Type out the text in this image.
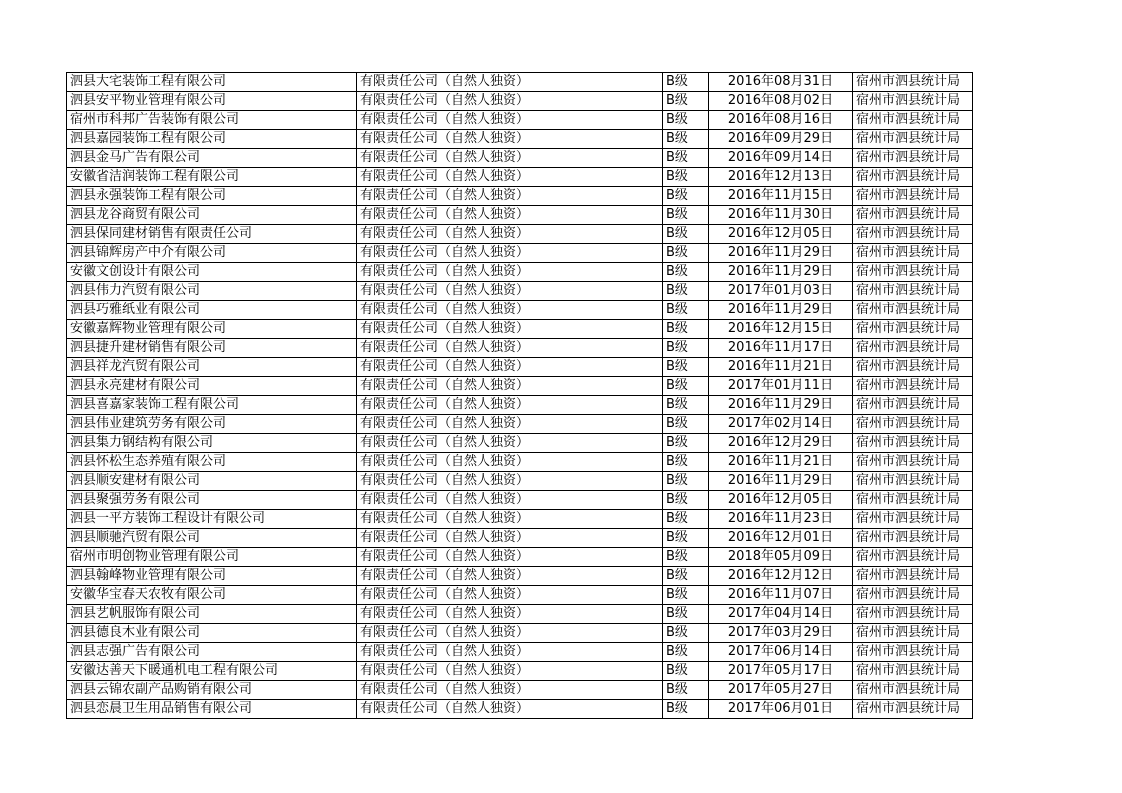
泗县大宅装饰工程有限公司	有限责任公司（自然人独资）	B级	2016年08月31日	宿州市泗县统计局
泗县安平物业管理有限公司	有限责任公司（自然人独资）	B级	2016年08月02日	宿州市泗县统计局
宿州市科邦广告装饰有限公司	有限责任公司（自然人独资）	B级	2016年08月16日	宿州市泗县统计局
泗县嘉园装饰工程有限公司	有限责任公司（自然人独资）	B级	2016年09月29日	宿州市泗县统计局
泗县金马广告有限公司	有限责任公司（自然人独资）	B级	2016年09月14日	宿州市泗县统计局
安徽省洁润装饰工程有限公司	有限责任公司（自然人独资）	B级	2016年12月13日	宿州市泗县统计局
泗县永强装饰工程有限公司	有限责任公司（自然人独资）	B级	2016年11月15日	宿州市泗县统计局
泗县龙谷商贸有限公司	有限责任公司（自然人独资）	B级	2016年11月30日	宿州市泗县统计局
泗县保同建材销售有限责任公司	有限责任公司（自然人独资）	B级	2016年12月05日	宿州市泗县统计局
泗县锦辉房产中介有限公司	有限责任公司（自然人独资）	B级	2016年11月29日	宿州市泗县统计局
安徽文创设计有限公司	有限责任公司（自然人独资）	B级	2016年11月29日	宿州市泗县统计局
泗县伟力汽贸有限公司	有限责任公司（自然人独资）	B级	2017年01月03日	宿州市泗县统计局
泗县巧雅纸业有限公司	有限责任公司（自然人独资）	B级	2016年11月29日	宿州市泗县统计局
安徽嘉辉物业管理有限公司	有限责任公司（自然人独资）	B级	2016年12月15日	宿州市泗县统计局
泗县捷升建材销售有限公司	有限责任公司（自然人独资）	B级	2016年11月17日	宿州市泗县统计局
泗县祥龙汽贸有限公司	有限责任公司（自然人独资）	B级	2016年11月21日	宿州市泗县统计局
泗县永亮建材有限公司	有限责任公司（自然人独资）	B级	2017年01月11日	宿州市泗县统计局
泗县喜嘉家装饰工程有限公司	有限责任公司（自然人独资）	B级	2016年11月29日	宿州市泗县统计局
泗县伟业建筑劳务有限公司	有限责任公司（自然人独资）	B级	2017年02月14日	宿州市泗县统计局
泗县集力钢结构有限公司	有限责任公司（自然人独资）	B级	2016年12月29日	宿州市泗县统计局
泗县怀松生态养殖有限公司	有限责任公司（自然人独资）	B级	2016年11月21日	宿州市泗县统计局
泗县顺安建材有限公司	有限责任公司（自然人独资）	B级	2016年11月29日	宿州市泗县统计局
泗县聚强劳务有限公司	有限责任公司（自然人独资）	B级	2016年12月05日	宿州市泗县统计局
泗县一平方装饰工程设计有限公司	有限责任公司（自然人独资）	B级	2016年11月23日	宿州市泗县统计局
泗县顺驰汽贸有限公司	有限责任公司（自然人独资）	B级	2016年12月01日	宿州市泗县统计局
宿州市明创物业管理有限公司	有限责任公司（自然人独资）	B级	2018年05月09日	宿州市泗县统计局
泗县翰峰物业管理有限公司	有限责任公司（自然人独资）	B级	2016年12月12日	宿州市泗县统计局
安徽华宝春天农牧有限公司	有限责任公司（自然人独资）	B级	2016年11月07日	宿州市泗县统计局
泗县艺帆服饰有限公司	有限责任公司（自然人独资）	B级	2017年04月14日	宿州市泗县统计局
泗县德良木业有限公司	有限责任公司（自然人独资）	B级	2017年03月29日	宿州市泗县统计局
泗县志强广告有限公司	有限责任公司（自然人独资）	B级	2017年06月14日	宿州市泗县统计局
安徽达善天下暖通机电工程有限公司	有限责任公司（自然人独资）	B级	2017年05月17日	宿州市泗县统计局
泗县云锦农副产品购销有限公司	有限责任公司（自然人独资）	B级	2017年05月27日	宿州市泗县统计局
泗县恋晨卫生用品销售有限公司	有限责任公司（自然人独资）	B级	2017年06月01日	宿州市泗县统计局
